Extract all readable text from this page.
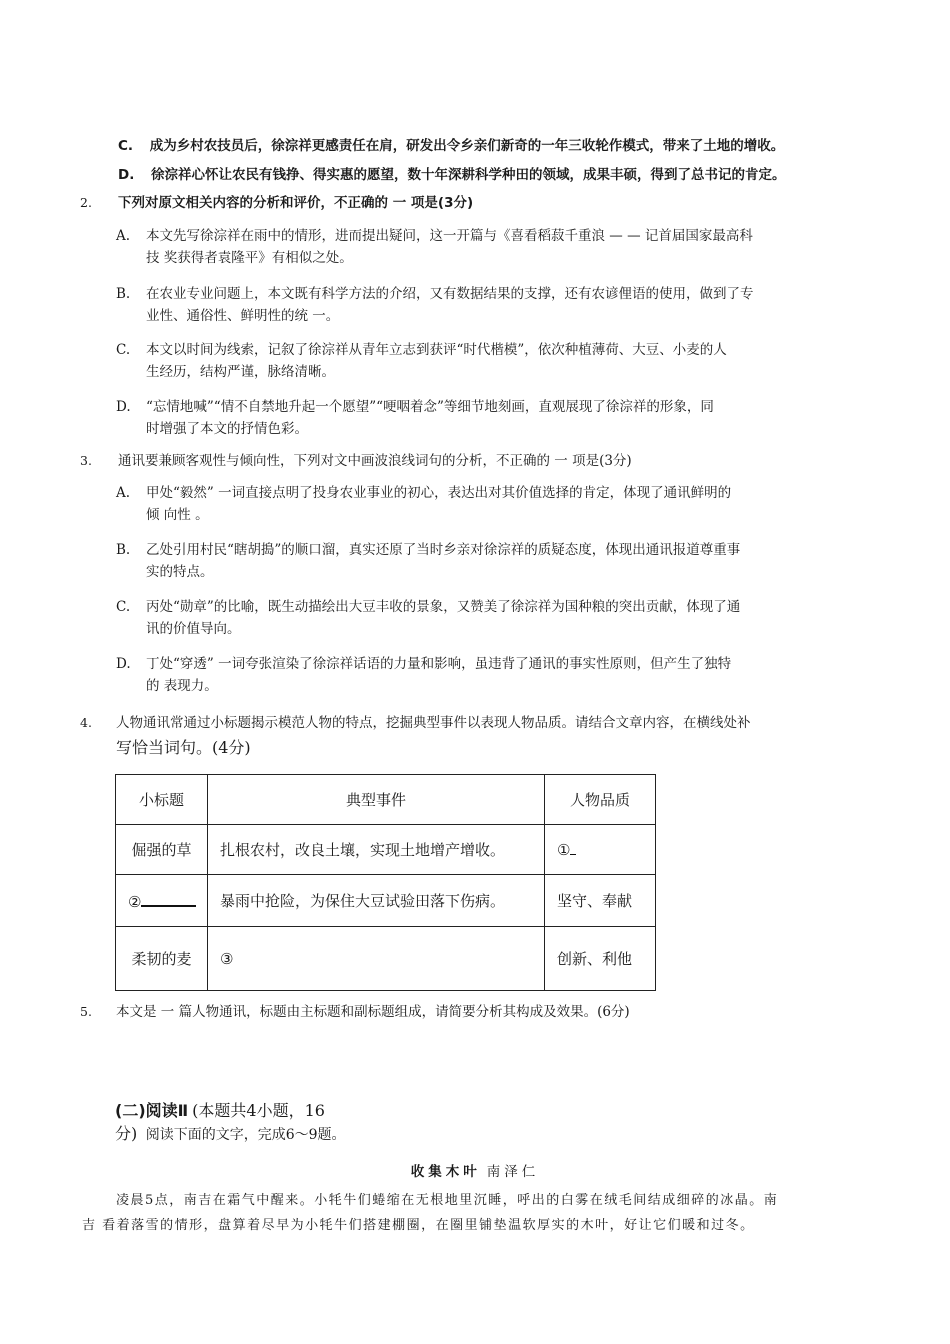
C. 成为乡村农技员后，徐淙祥更感责任在肩，研发出令乡亲们新奇的一年三收轮作模式，带来了土地的增收。
D. 徐淙祥心怀让农民有钱挣、得实惠的愿望，数十年深耕科学种田的领域，成果丰硕，得到了总书记的肯定。
2. 下列对原文相关内容的分析和评价，不正确的 一 项是(3分)
A. 本文先写徐淙祥在雨中的情形，进而提出疑问，这一开篇与《喜看稻菽千重浪 — — 记首届国家最高科
技 奖获得者袁隆平》有相似之处。
B. 在农业专业问题上，本文既有科学方法的介绍，又有数据结果的支撑，还有农谚俚语的使用，做到了专
业性、通俗性、鲜明性的统 一。
C. 本文以时间为线索，记叙了徐淙祥从青年立志到获评“时代楷模”，依次种植薄荷、大豆、小麦的人
生经历，结构严谨，脉络清晰。
D. “忘情地喊”“情不自禁地升起一个愿望”“哽咽着念”等细节地刻画，直观展现了徐淙祥的形象，同
时增强了本文的抒情色彩。
3. 通讯要兼顾客观性与倾向性，下列对文中画波浪线词句的分析，不正确的 一 项是(3分)
A. 甲处“毅然” 一词直接点明了投身农业事业的初心，表达出对其价值选择的肯定，体现了通讯鲜明的
倾 向性 。
B. 乙处引用村民“瞎胡搗”的顺口溜，真实还原了当时乡亲对徐淙祥的质疑态度，体现出通讯报道尊重事
实的特点。
C. 丙处“勋章”的比喻，既生动描绘出大豆丰收的景象，又赞美了徐淙祥为国种粮的突出贡献，体现了通
讯的价值导向。
D. 丁处“穿透” 一词夸张渲染了徐淙祥话语的力量和影响，虽违背了通讯的事实性原则，但产生了独特
的 表现力。
4. 人物通讯常通过小标题揭示模范人物的特点，挖掘典型事件以表现人物品质。请结合文章内容，在横线处补
写恰当词句。(4分)
小标题	典型事件	人物品质
倔强的草	扎根农村，改良土壤，实现土地增产增收。	①
②	暴雨中抢险，为保住大豆试验田落下伤病。	坚守、奉献
柔韧的麦	③	创新、利他
5. 本文是 一 篇人物通讯，标题由主标题和副标题组成，请简要分析其构成及效果。(6分)
(二)阅读Ⅱ (本题共4小题，16
分) 阅读下面的文字，完成6～9题。
收集木叶 南泽仁
凌晨5点，南吉在霜气中醒来。小牦牛们蜷缩在无根地里沉睡，呼出的白雾在绒毛间结成细碎的冰晶。南
吉 看着落雪的情形，盘算着尽早为小牦牛们搭建棚圈，在圈里铺垫温软厚实的木叶，好让它们暖和过冬。
